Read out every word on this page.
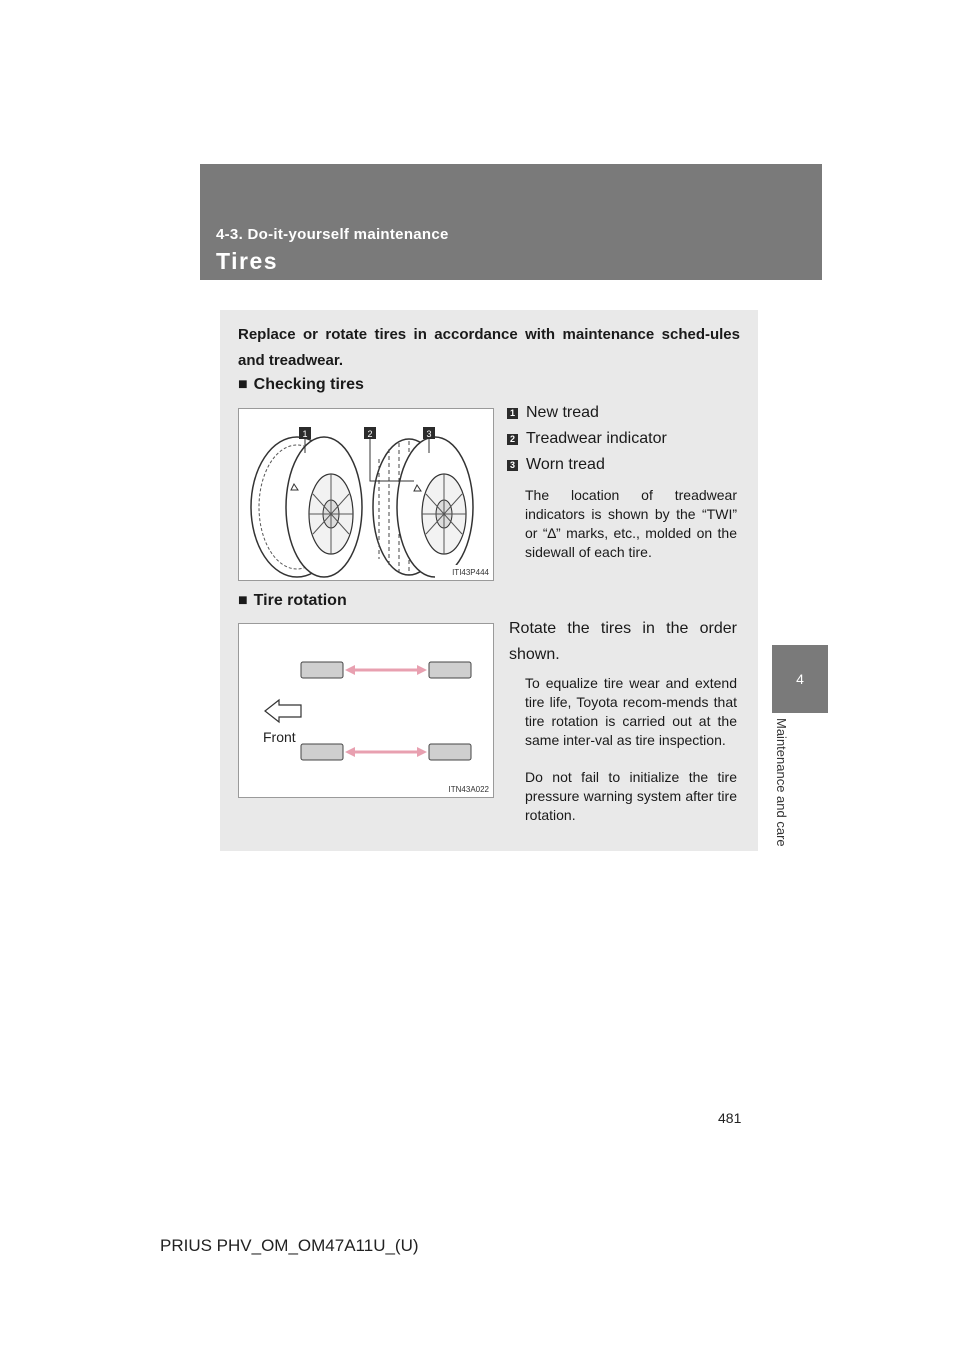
4-3. Do-it-yourself maintenance
Tires
4
Maintenance and care
Replace or rotate tires in accordance with maintenance sched-ules and treadwear.
■ Checking tires
1	2	3
ITI43P444
1 New tread
2 Treadwear indicator
3 Worn tread
The location of treadwear indicators is shown by the “TWI” or “∆” marks, etc., molded on the sidewall of each tire.
■ Tire rotation
Front
ITN43A022
Rotate the tires in the order shown.
To equalize tire wear and extend tire life, Toyota recom-mends that tire rotation is carried out at the same inter-val as tire inspection.
Do not fail to initialize the tire pressure warning system after tire rotation.
481
PRIUS PHV_OM_OM47A11U_(U)
